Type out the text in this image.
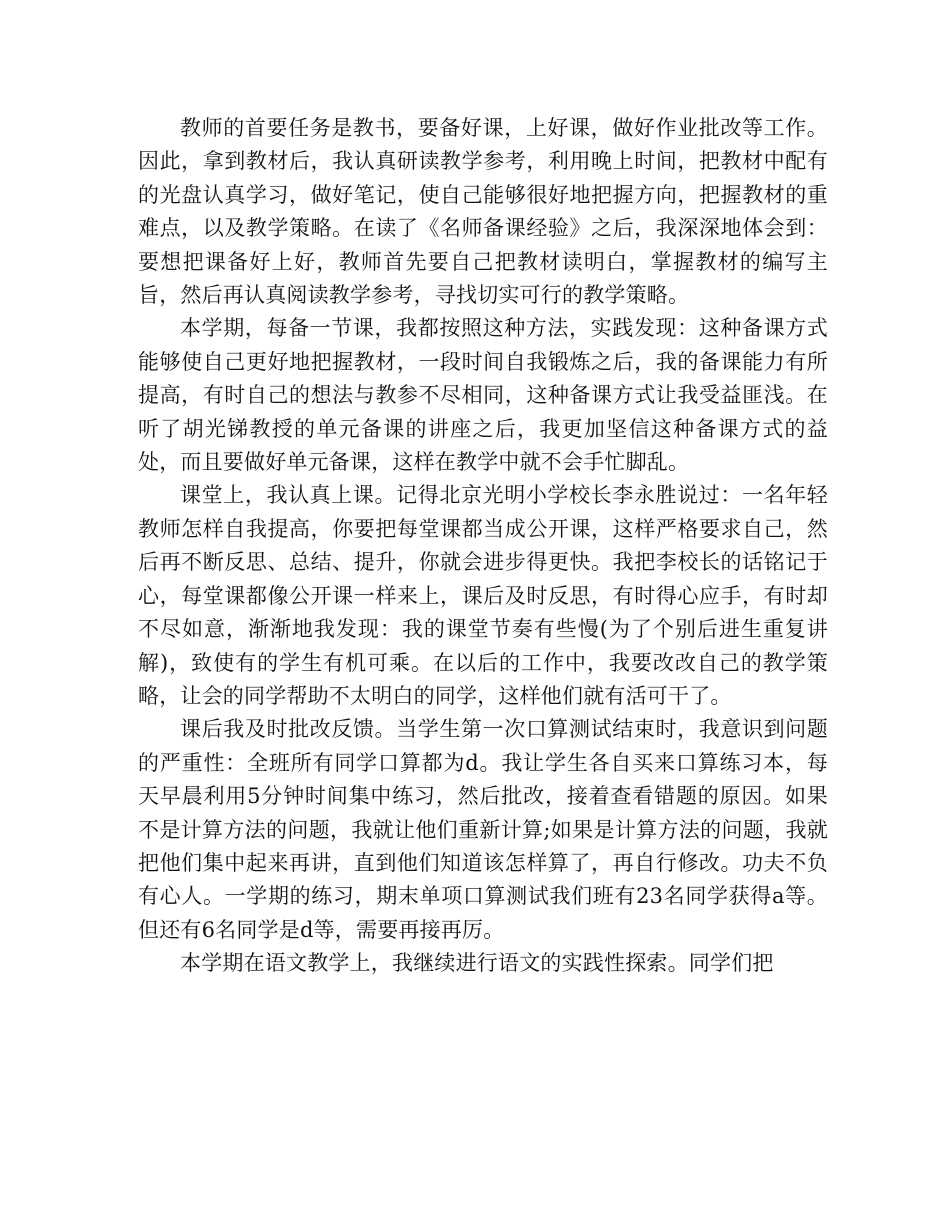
教师的首要任务是教书，要备好课，上好课，做好作业批改等工作。因此，拿到教材后，我认真研读教学参考，利用晚上时间，把教材中配有的光盘认真学习，做好笔记，使自己能够很好地把握方向，把握教材的重难点，以及教学策略。在读了《名师备课经验》之后，我深深地体会到：要想把课备好上好，教师首先要自己把教材读明白，掌握教材的编写主旨，然后再认真阅读教学参考，寻找切实可行的教学策略。

本学期，每备一节课，我都按照这种方法，实践发现：这种备课方式能够使自己更好地把握教材，一段时间自我锻炼之后，我的备课能力有所提高，有时自己的想法与教参不尽相同，这种备课方式让我受益匪浅。在听了胡光锑教授的单元备课的讲座之后，我更加坚信这种备课方式的益处，而且要做好单元备课，这样在教学中就不会手忙脚乱。

课堂上，我认真上课。记得北京光明小学校长李永胜说过：一名年轻教师怎样自我提高，你要把每堂课都当成公开课，这样严格要求自己，然后再不断反思、总结、提升，你就会进步得更快。我把李校长的话铭记于心，每堂课都像公开课一样来上，课后及时反思，有时得心应手，有时却不尽如意，渐渐地我发现：我的课堂节奏有些慢(为了个别后进生重复讲解)，致使有的学生有机可乘。在以后的工作中，我要改改自己的教学策略，让会的同学帮助不太明白的同学，这样他们就有活可干了。

课后我及时批改反馈。当学生第一次口算测试结束时，我意识到问题的严重性：全班所有同学口算都为d。我让学生各自买来口算练习本，每天早晨利用5分钟时间集中练习，然后批改，接着查看错题的原因。如果不是计算方法的问题，我就让他们重新计算;如果是计算方法的问题，我就把他们集中起来再讲，直到他们知道该怎样算了，再自行修改。功夫不负有心人。一学期的练习，期末单项口算测试我们班有23名同学获得a等。但还有6名同学是d等，需要再接再厉。

本学期在语文教学上，我继续进行语文的实践性探索。同学们把
